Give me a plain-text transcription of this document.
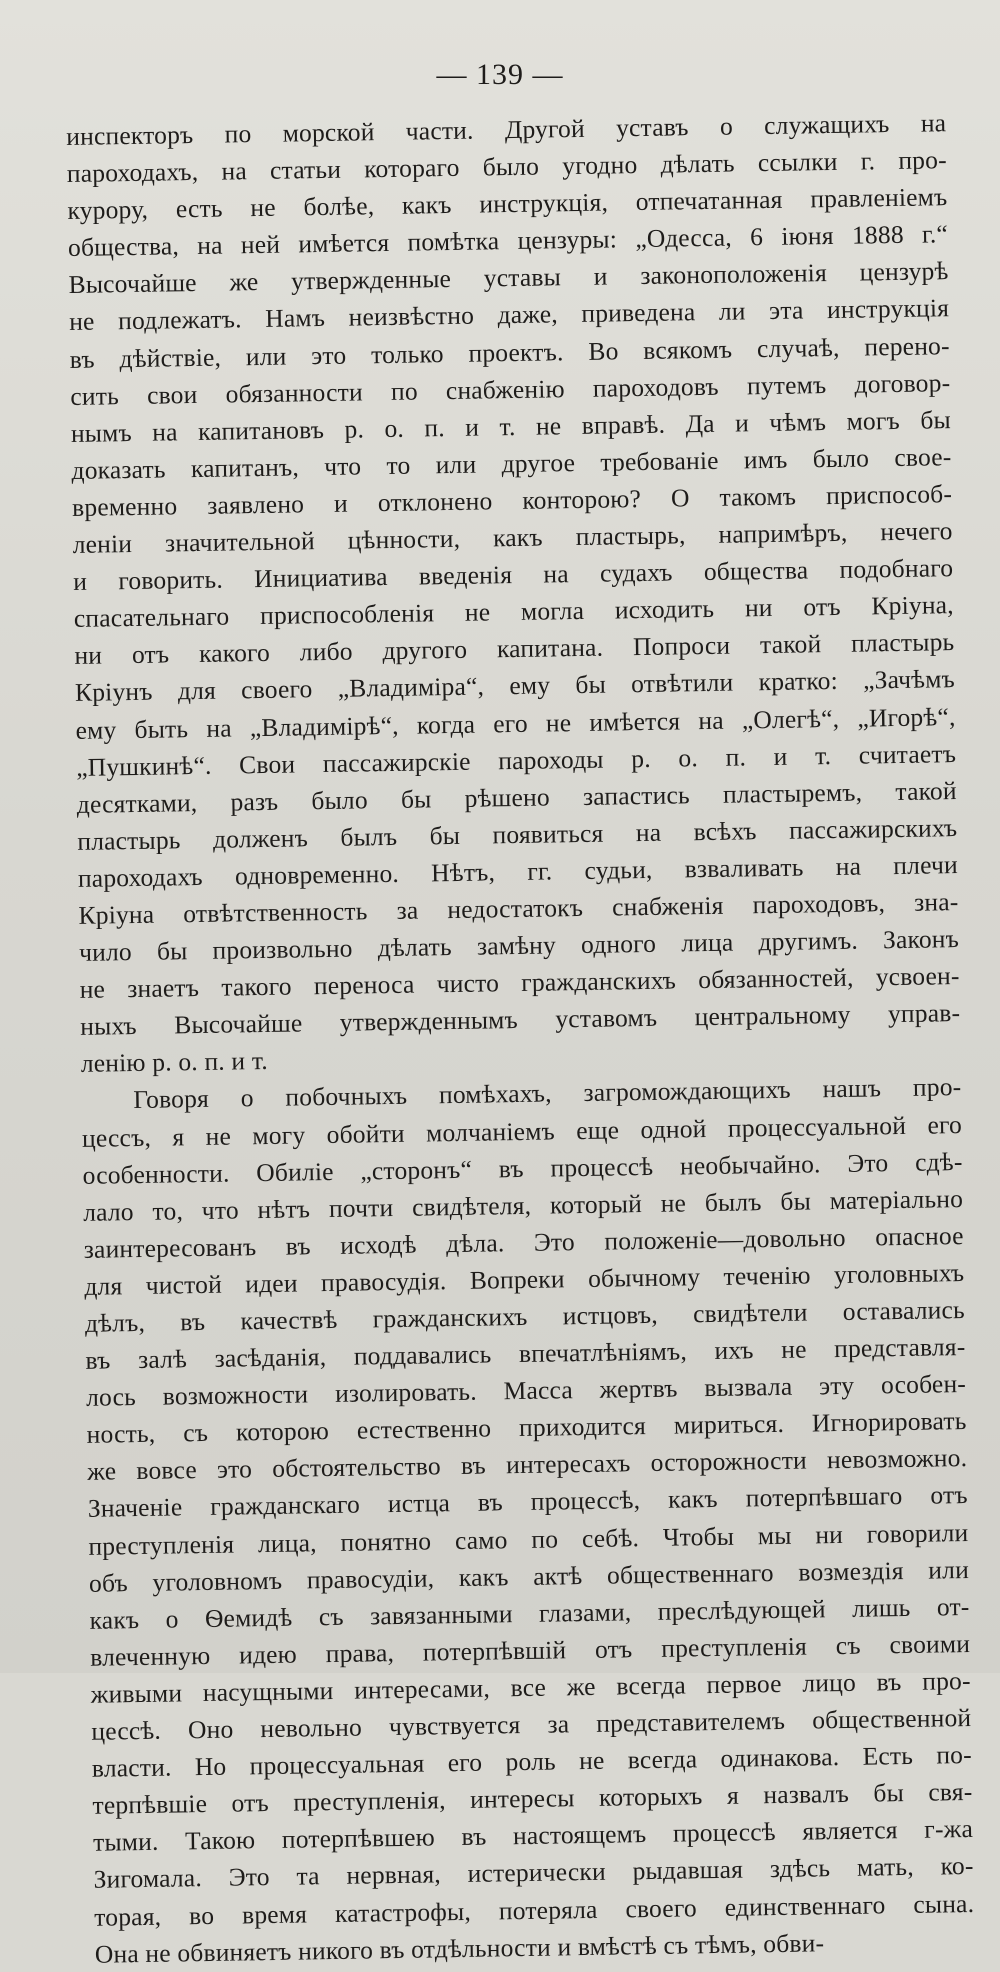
— 139 —
инспекторъ по морской части. Другой уставъ о служащихъ на
пароходахъ, на статьи котораго было угодно дѣлать ссылки г. про-
курору, есть не болѣе, какъ инструкція, отпечатанная правленіемъ
общества, на ней имѣется помѣтка цензуры: „Одесса, 6 іюня 1888 г.“
Высочайше же утвержденные уставы и законоположенія цензурѣ
не подлежатъ. Намъ неизвѣстно даже, приведена ли эта инструкція
въ дѣйствіе, или это только проектъ. Во всякомъ случаѣ, перено-
сить свои обязанности по снабженію пароходовъ путемъ договор-
нымъ на капитановъ р. о. п. и т. не вправѣ. Да и чѣмъ могъ бы
доказать капитанъ, что то или другое требованіе имъ было свое-
временно заявлено и отклонено конторою? О такомъ приспособ-
леніи значительной цѣнности, какъ пластырь, напримѣръ, нечего
и говорить. Инициатива введенія на судахъ общества подобнаго
спасательнаго приспособленія не могла исходить ни отъ Кріуна,
ни отъ какого либо другого капитана. Попроси такой пластырь
Кріунъ для своего „Владиміра“, ему бы отвѣтили кратко: „Зачѣмъ
ему быть на „Владимірѣ“, когда его не имѣется на „Олегѣ“, „Игорѣ“,
„Пушкинѣ“. Свои пассажирскіе пароходы р. о. п. и т. считаетъ
десятками, разъ было бы рѣшено запастись пластыремъ, такой
пластырь долженъ былъ бы появиться на всѣхъ пассажирскихъ
пароходахъ одновременно. Нѣтъ, гг. судьи, взваливать на плечи
Кріуна отвѣтственность за недостатокъ снабженія пароходовъ, зна-
чило бы произвольно дѣлать замѣну одного лица другимъ. Законъ
не знаетъ такого переноса чисто гражданскихъ обязанностей, усвоен-
ныхъ Высочайше утвержденнымъ уставомъ центральному управ-
ленію р. о. п. и т.
Говоря о побочныхъ помѣхахъ, загромождающихъ нашъ про-
цессъ, я не могу обойти молчаніемъ еще одной процессуальной его
особенности. Обиліе „сторонъ“ въ процессѣ необычайно. Это сдѣ-
лало то, что нѣтъ почти свидѣтеля, который не былъ бы матеріально
заинтересованъ въ исходѣ дѣла. Это положеніе—довольно опасное
для чистой идеи правосудія. Вопреки обычному теченію уголовныхъ
дѣлъ, въ качествѣ гражданскихъ истцовъ, свидѣтели оставались
въ залѣ засѣданія, поддавались впечатлѣніямъ, ихъ не представля-
лось возможности изолировать. Масса жертвъ вызвала эту особен-
ность, съ которою естественно приходится мириться. Игнорировать
же вовсе это обстоятельство въ интересахъ осторожности невозможно.
Значеніе гражданскаго истца въ процессѣ, какъ потерпѣвшаго отъ
преступленія лица, понятно само по себѣ. Чтобы мы ни говорили
объ уголовномъ правосудіи, какъ актѣ общественнаго возмездія или
какъ о Ѳемидѣ съ завязанными глазами, преслѣдующей лишь от-
влеченную идею права, потерпѣвшій отъ преступленія съ своими
живыми насущными интересами, все же всегда первое лицо въ про-
цессѣ. Оно невольно чувствуется за представителемъ общественной
власти. Но процессуальная его роль не всегда одинакова. Есть по-
терпѣвшіе отъ преступленія, интересы которыхъ я назвалъ бы свя-
тыми. Такою потерпѣвшею въ настоящемъ процессѣ является г-жа
Зигомала. Это та нервная, истерически рыдавшая здѣсь мать, ко-
торая, во время катастрофы, потеряла своего единственнаго сына.
Она не обвиняетъ никого въ отдѣльности и вмѣстѣ съ тѣмъ, обви-
